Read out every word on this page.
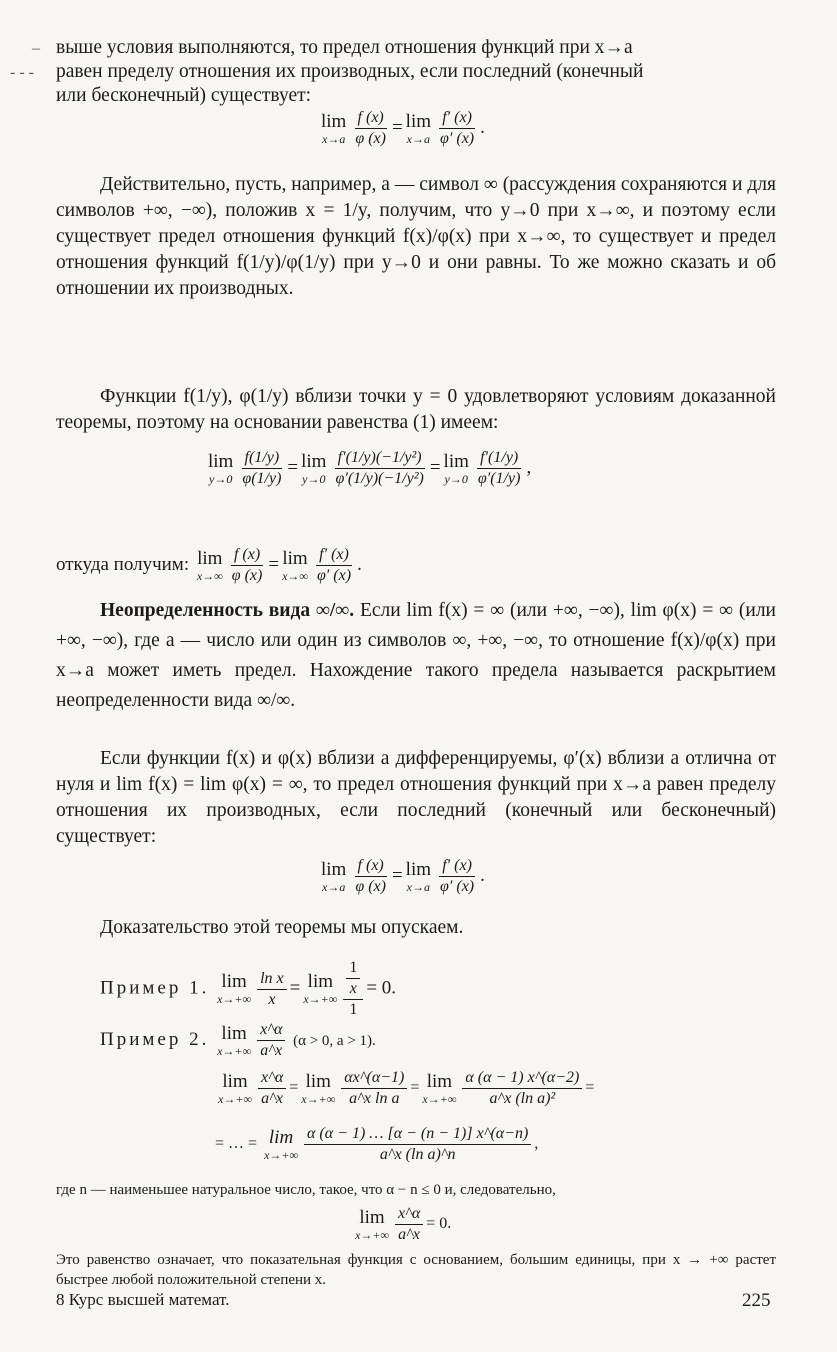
–
- - -
выше условия выполняются, то предел отношения функций при x→a
равен пределу отношения их производных, если последний (конечный
или бесконечный) существует:
lim
$x\to a \frac{f (x)}{\varphi (x)} = \lim$
$x\to a \frac{f' (x)}{\varphi' (x)}$ .
Действительно, пусть, например, a — символ ∞ (рассуждения сохраняются и для символов +∞, −∞), положив x = 1/y, получим, что y→0 при x→∞, и поэтому если существует предел отношения функций f(x)/φ(x) при x→∞, то существует и предел отношения функций f(1/y)/φ(1/y) при y→0 и они равны. То же можно сказать и об отношении их производных.
Функции f(1/y), φ(1/y) вблизи точки y = 0 удовлетворяют условиям доказанной теоремы, поэтому на основании равенства (1) имеем:
lim
$y\to 0 \frac{f(1/y)}{\varphi(1/y)} = \lim$
$y\to 0 \frac{\text{f′(1/y)(−1/y²)}}{\text{φ′(1/y)(−1/y²)}} = \lim$
$y\to 0 \frac{f'(1/y)}{\varphi'(1/y)}$ ,
откуда получим: lim
$x\to\infty \frac{f (x)}{\varphi (x)} = \lim$
$x\to\infty \frac{f' (x)}{\varphi' (x)}$ .
Неопределенность вида ∞/∞. Если lim f(x) = ∞ (или +∞, −∞), lim φ(x) = ∞ (или +∞, −∞), где a — число или один из символов ∞, +∞, −∞, то отношение f(x)/φ(x) при x→a может иметь предел. Нахождение такого предела называется раскрытием неопределенности вида ∞/∞.
Если функции f(x) и φ(x) вблизи a дифференцируемы, φ′(x) вблизи a отлична от нуля и lim f(x) = lim φ(x) = ∞, то предел отношения функций при x→a равен пределу отношения их производных, если последний (конечный или бесконечный) существует:
lim
$x\to a \frac{f (x)}{\varphi (x)} = \lim$
$x\to a \frac{f' (x)}{\varphi' (x)}$ .
Доказательство этой теоремы мы опускаем.
Пример 1. lim
$x\to+\infty \frac{\text{ln x}}{x} = \lim$
$x\to+\infty \frac{\frac{1}{x}}{1} = 0$.
Пример 2. lim
$x\to+\infty \frac{x\^{}\alpha}{a\^{}x} (\alpha > 0$, a > 1).
lim
$x\to+\infty \frac{x\^{}\alpha}{a\^{}x} = \lim$
$x\to+\infty \frac{\alpha x\^{}(\alpha-1)}{\text{a\textasciicircum{}x ln a}} = \lim$
$x\to+\infty \frac{\alpha (\alpha - 1) x\^{}(\alpha-2)}{\text{a\textasciicircum{}x (ln a)²}}$ =
= … = lim
$x\to+\infty \frac{\alpha (\alpha - 1) \dots [\alpha - (n - 1)] x\^{}(\alpha-n)}{\text{a\textasciicircum{}x (ln a)\textasciicircum{}n}}$ ,
где n — наименьшее натуральное число, такое, что α − n ≤ 0 и, следовательно,
lim
$x\to+\infty \frac{x\^{}\alpha}{a\^{}x} = 0$.
Это равенство означает, что показательная функция с основанием, большим единицы, при x → +∞ растет быстрее любой положительной степени x.
8 Курс высшей математ.	225
